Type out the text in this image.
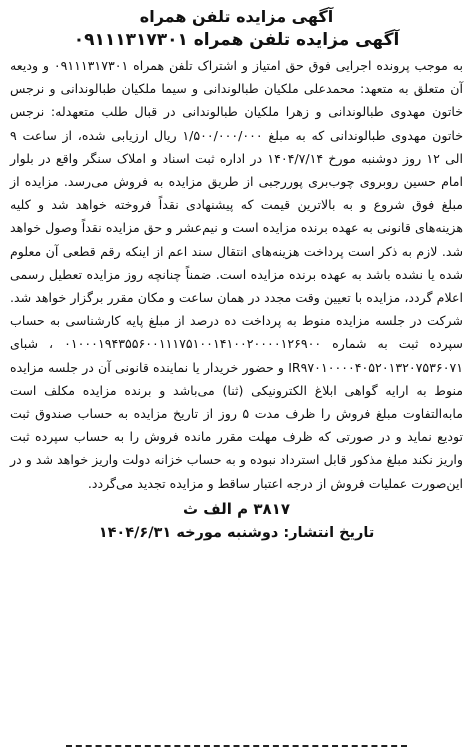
آگهی مزایده تلفن همراه
آگهی مزایده تلفن همراه ۰۹۱۱۱۳۱۷۳۰۱

به موجب پرونده اجرایی فوق حق امتیاز و اشتراک تلفن همراه ۰۹۱۱۱۳۱۷۳۰۱ و ودیعه آن متعلق به متعهد: محمدعلی ملکیان طبالوندانی و سیما ملکیان طبالوندانی و نرجس خاتون مهدوی طبالوندانی و زهرا ملکیان طبالوندانی در قبال طلب متعهدله: نرجس خاتون مهدوی طبالوندانی که به مبلغ ۱/۵۰۰/۰۰۰/۰۰۰ ریال ارزیابی شده، از ساعت ۹ الی ۱۲ روز دوشنبه مورخ ۱۴۰۴/۷/۱۴ در اداره ثبت اسناد و املاک سنگر واقع در بلوار امام حسین روبروی چوب‌بری پوررجبی از طریق مزایده به فروش می‌رسد. مزایده از مبلغ فوق شروع و به بالاترین قیمت که پیشنهادی نقداً فروخته خواهد شد و کلیه هزینه‌های قانونی به عهده برنده مزایده است و نیم‌عشر و حق مزایده نقداً وصول خواهد شد. لازم به ذکر است پرداخت هزینه‌های انتقال سند اعم از اینکه رقم قطعی آن معلوم شده یا نشده باشد به عهده برنده مزایده است. ضمناً چنانچه روز مزایده تعطیل رسمی اعلام گردد، مزایده با تعیین وقت مجدد در همان ساعت و مکان مقرر برگزار خواهد شد. شرکت در جلسه مزایده منوط به پرداخت ده درصد از مبلغ پایه کارشناسی به حساب سپرده ثبت به شماره ۰۱۰۰۰۱۹۴۳۵۵۶۰۰۱۱۱۷۵۱۰۰۱۴۱۰۰۲۰۰۰۰۱۲۶۹۰۰ ، شبای IR۹۷۰۱۰۰۰۰۴۰۵۲۰۱۳۲۰۷۵۳۶۰۷۱ و حضور خریدار یا نماینده قانونی آن در جلسه مزایده منوط به ارایه گواهی ابلاغ الکترونیکی (ثنا) می‌باشد و برنده مزایده مکلف است مابه‌التفاوت مبلغ فروش را ظرف مدت ۵ روز از تاریخ مزایده به حساب صندوق ثبت تودیع نماید و در صورتی که ظرف مهلت مقرر مانده فروش را به حساب سپرده ثبت واریز نکند مبلغ مذکور قابل استرداد نبوده و به حساب خزانه دولت واریز خواهد شد و در این‌صورت عملیات فروش از درجه اعتبار ساقط و مزایده تجدید می‌گردد.

۳۸۱۷ م الف ث
تاریخ انتشار: دوشنبه مورخه ۱۴۰۴/۶/۳۱
